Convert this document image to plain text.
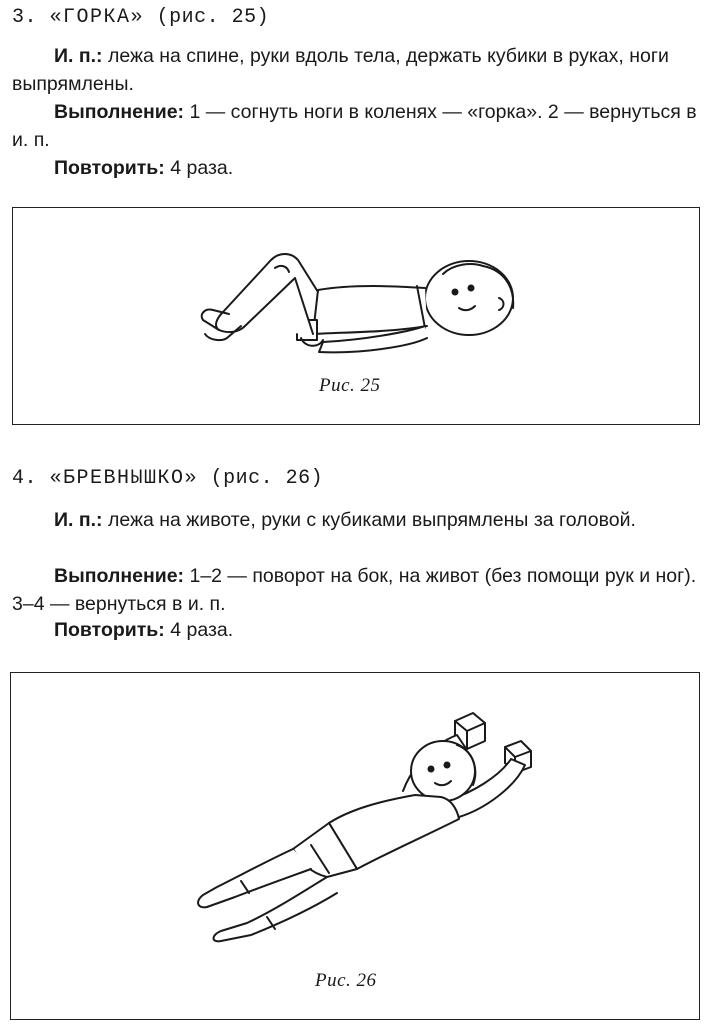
3. «ГОРКА» (рис. 25)
И. п.: лежа на спине, руки вдоль тела, держать кубики в руках, ноги выпрямлены.
Выполнение: 1 — согнуть ноги в коленях — «горка». 2 — вернуться в и. п.
Повторить: 4 раза.
Рис. 25
4. «БРЕВНЫШКО» (рис. 26)
И. п.: лежа на животе, руки с кубиками выпрямлены за головой.
Выполнение: 1–2 — поворот на бок, на живот (без помощи рук и ног). 3–4 — вернуться в и. п.
Повторить: 4 раза.
Рис. 26
